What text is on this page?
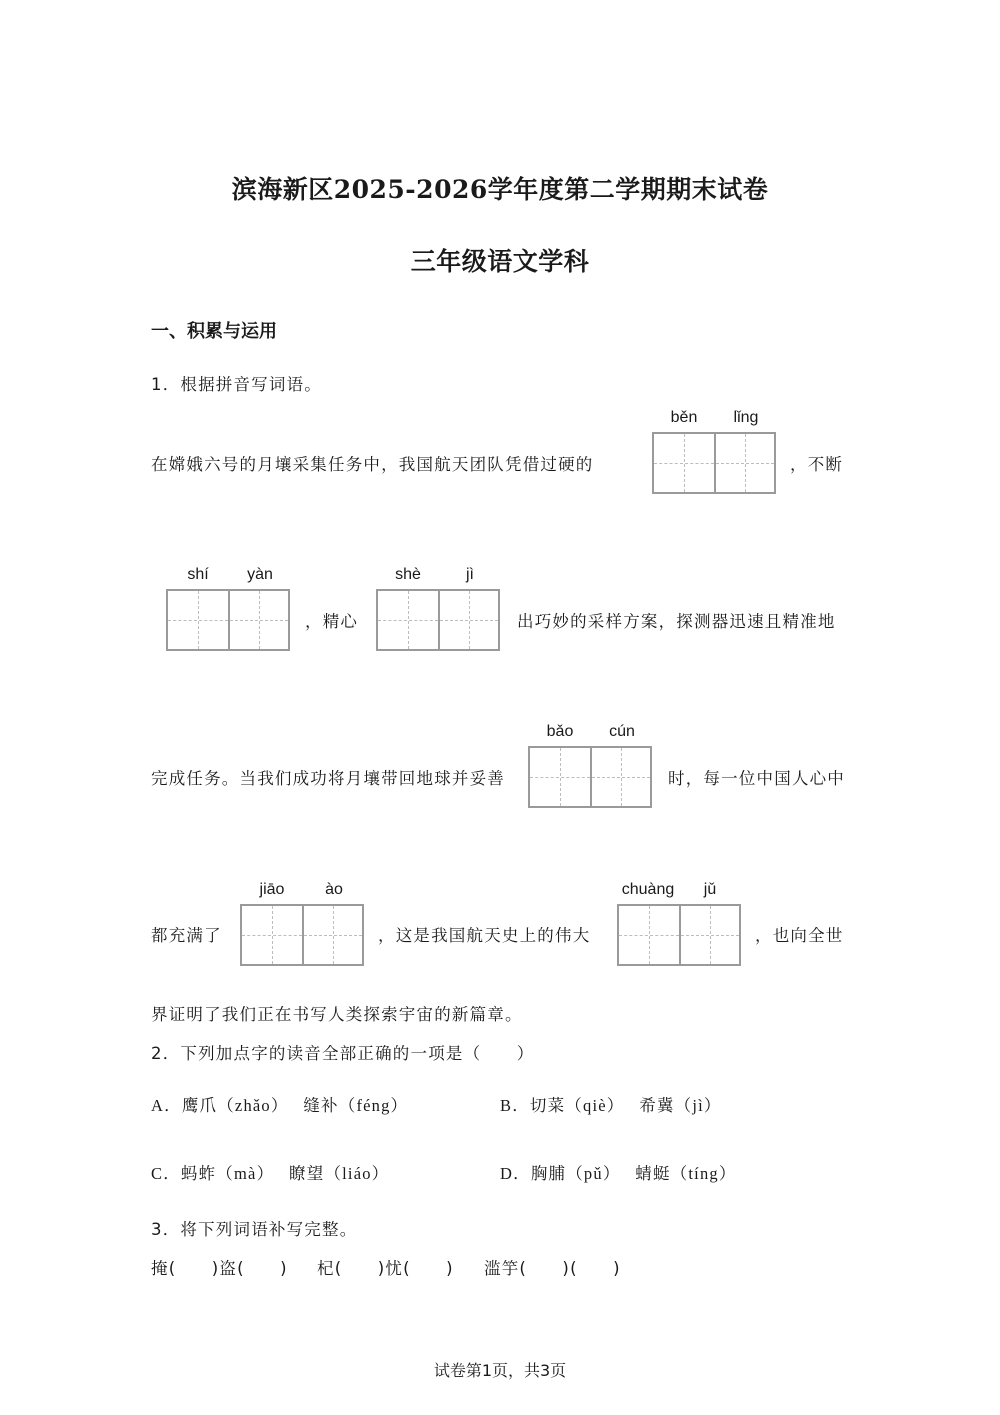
滨海新区2025-2026学年度第二学期期末试卷
三年级语文学科
一、积累与运用
1．根据拼音写词语。
在嫦娥六号的月壤采集任务中，我国航天团队凭借过硬的
běn	lǐng
，不断
shí	yàn
，精心
shè	jì
出巧妙的采样方案，探测器迅速且精准地
完成任务。当我们成功将月壤带回地球并妥善
bǎo	cún
时，每一位中国人心中
都充满了
jiāo	ào
，这是我国航天史上的伟大
chuàng	jǔ
，也向全世
界证明了我们正在书写人类探索宇宙的新篇章。
2．下列加点字的读音全部正确的一项是（　　）
A．鹰爪（zhǎo）　 缝补（féng）	B．切菜（qiè）　 希冀（jì）
C．蚂蚱（mà）　 瞭望（liáo）	D．胸脯（pǔ）　 蜻蜓（tíng）
3．将下列词语补写完整。
掩(　　)盗(　　) 杞(　　)忧(　　) 滥竽(　　)(　　)
试卷第1页，共3页
